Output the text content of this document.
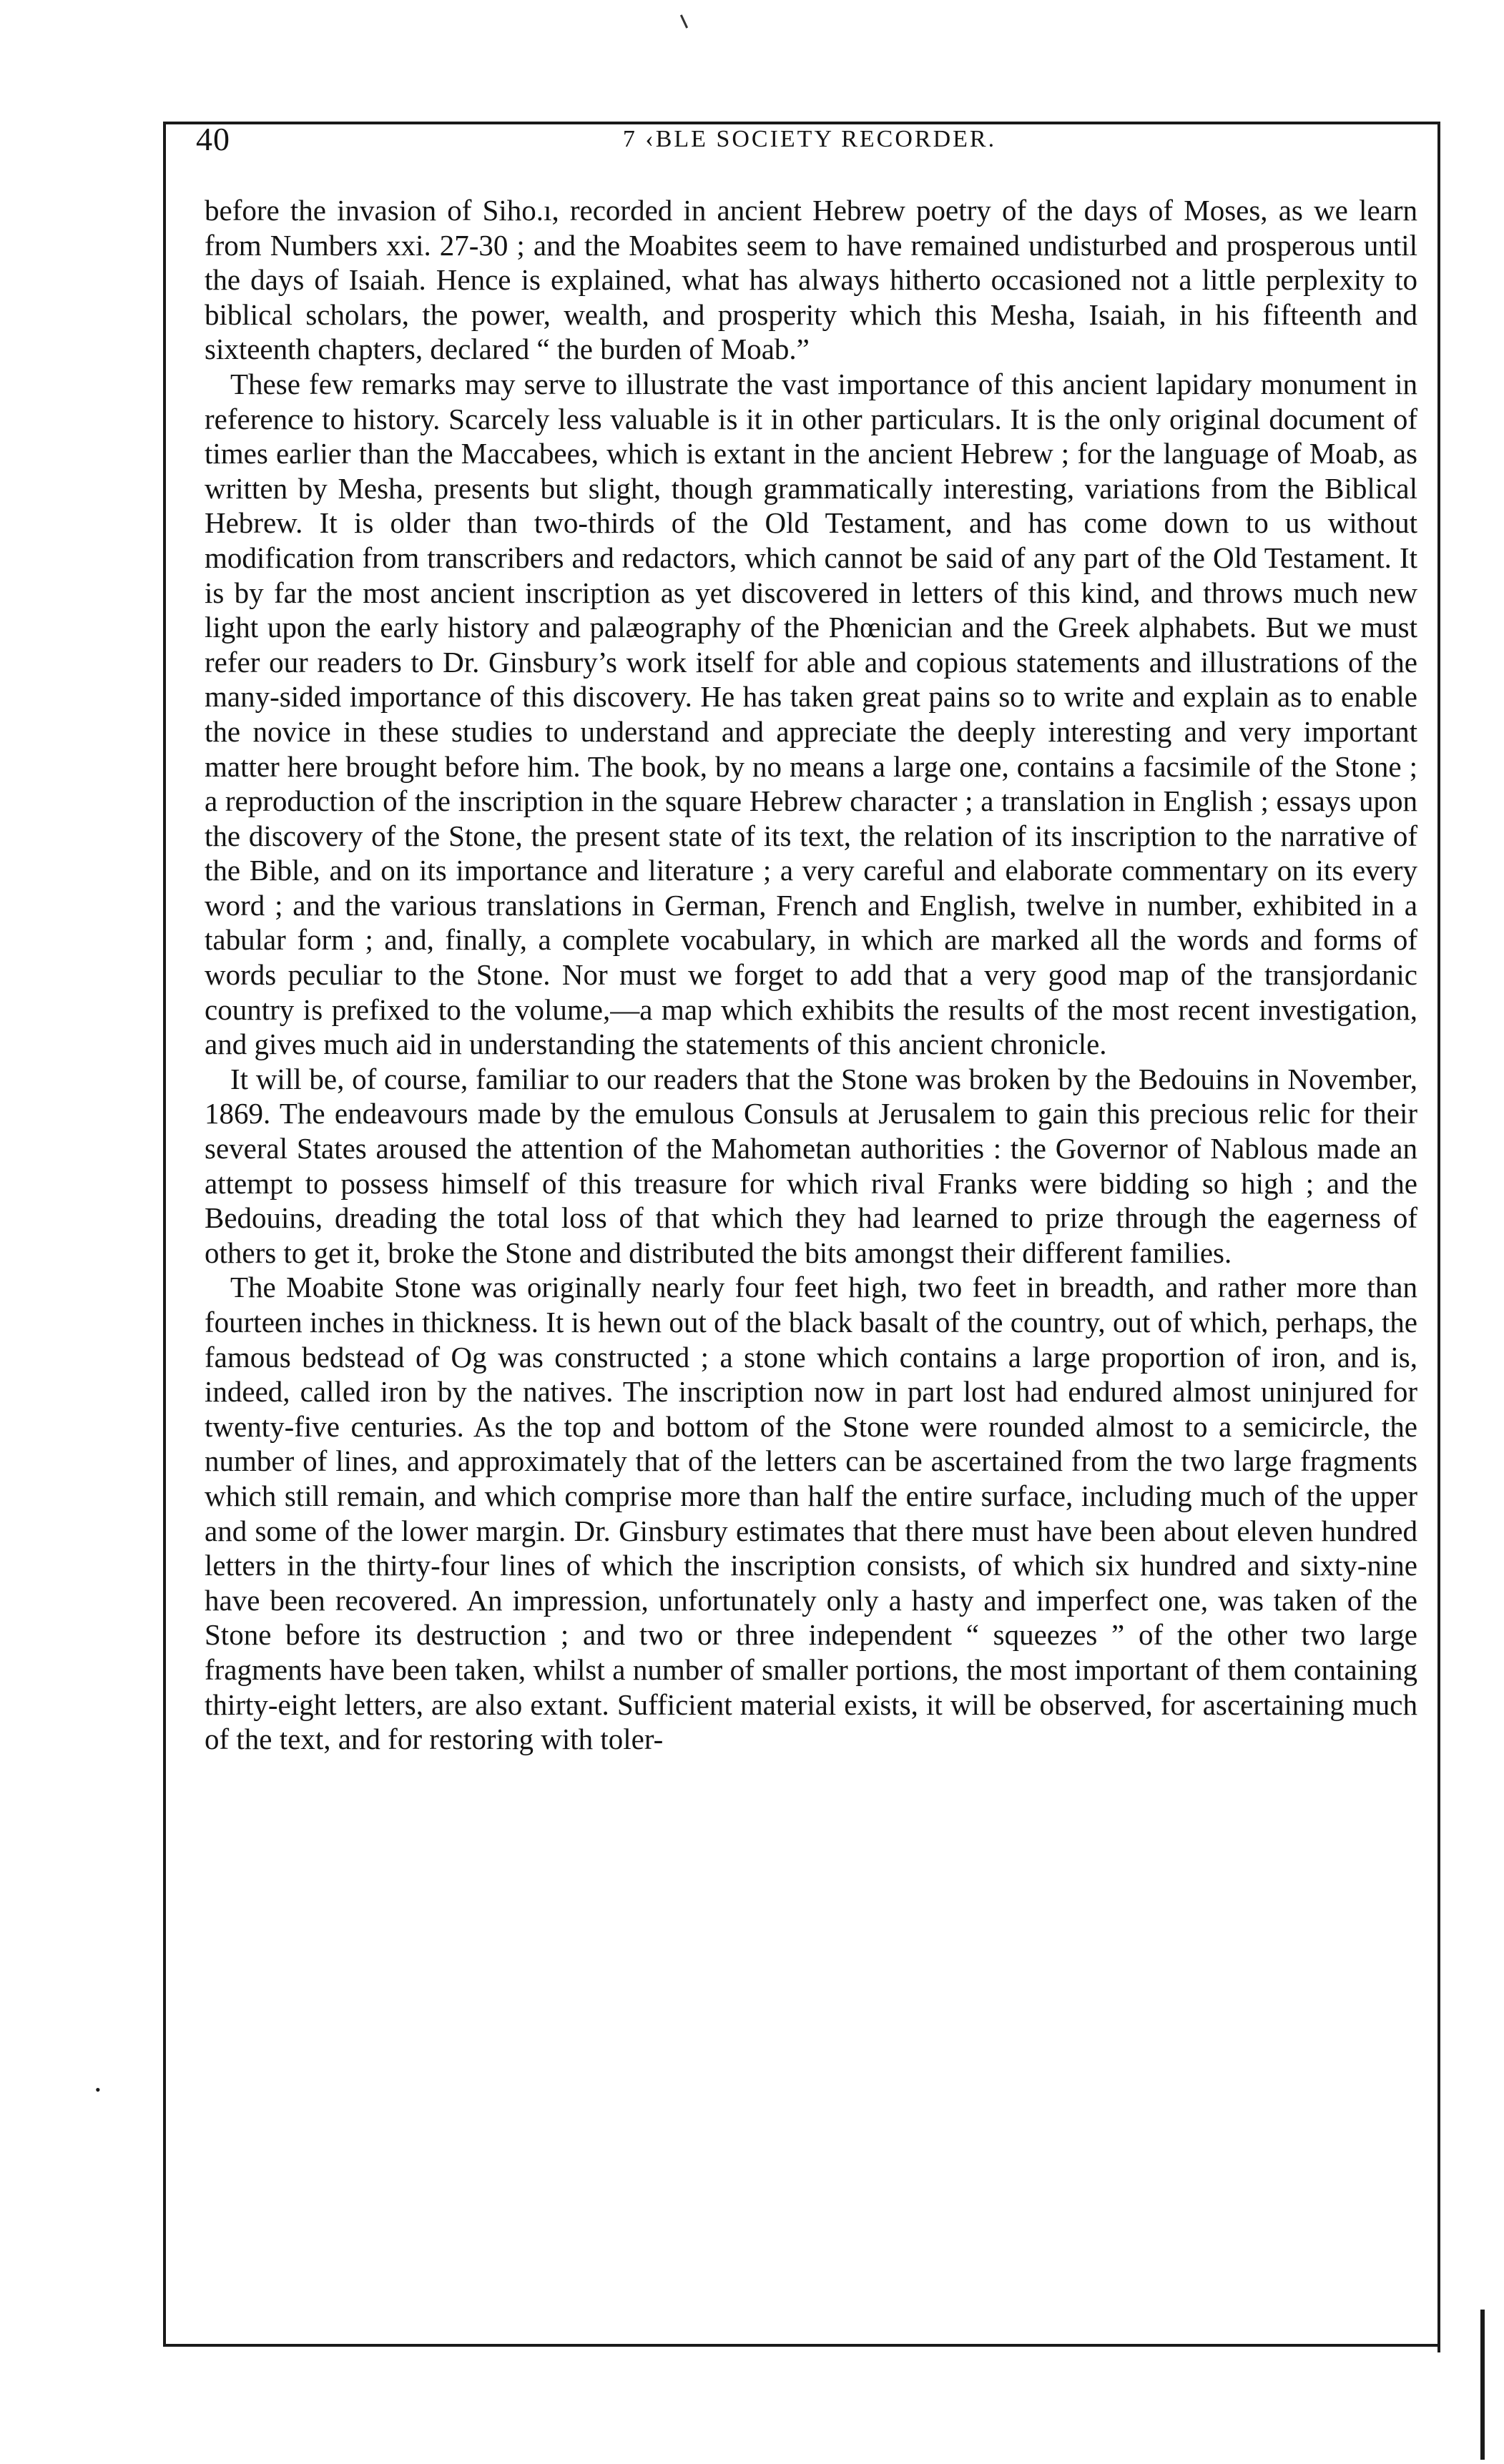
•
40	7 ‹BLE SOCIETY RECORDER.

before the invasion of Siho.ı, recorded in ancient Hebrew poetry of the days of Moses, as we learn from Numbers xxi. 27-30 ; and the Moabites seem to have remained undisturbed and prosperous until the days of Isaiah. Hence is explained, what has always hitherto occasioned not a little perplexity to biblical scholars, the power, wealth, and prosperity which this Mesha, Isaiah, in his fifteenth and sixteenth chapters, declared “ the burden of Moab.”

These few remarks may serve to illustrate the vast importance of this ancient lapidary monument in reference to history. Scarcely less valuable is it in other particulars. It is the only original document of times earlier than the Maccabees, which is extant in the ancient Hebrew ; for the language of Moab, as written by Mesha, presents but slight, though grammatically interesting, variations from the Biblical Hebrew. It is older than two-thirds of the Old Testament, and has come down to us without modification from transcribers and redactors, which cannot be said of any part of the Old Testament. It is by far the most ancient inscription as yet discovered in letters of this kind, and throws much new light upon the early history and palæography of the Phœnician and the Greek alphabets. But we must refer our readers to Dr. Ginsbury’s work itself for able and copious statements and illustrations of the many-sided importance of this discovery. He has taken great pains so to write and explain as to enable the novice in these studies to understand and appreciate the deeply interesting and very important matter here brought before him. The book, by no means a large one, contains a facsimile of the Stone ; a reproduction of the inscription in the square Hebrew character ; a translation in English ; essays upon the discovery of the Stone, the present state of its text, the relation of its inscription to the narrative of the Bible, and on its importance and literature ; a very careful and elaborate commentary on its every word ; and the various translations in German, French and English, twelve in number, exhibited in a tabular form ; and, finally, a complete vocabulary, in which are marked all the words and forms of words peculiar to the Stone. Nor must we forget to add that a very good map of the transjordanic country is prefixed to the volume,—a map which exhibits the results of the most recent investigation, and gives much aid in understanding the statements of this ancient chronicle.

It will be, of course, familiar to our readers that the Stone was broken by the Bedouins in November, 1869. The endeavours made by the emulous Consuls at Jerusalem to gain this precious relic for their several States aroused the attention of the Mahometan authorities : the Governor of Nablous made an attempt to possess himself of this treasure for which rival Franks were bidding so high ; and the Bedouins, dreading the total loss of that which they had learned to prize through the eagerness of others to get it, broke the Stone and distributed the bits amongst their different families.

The Moabite Stone was originally nearly four feet high, two feet in breadth, and rather more than fourteen inches in thickness. It is hewn out of the black basalt of the country, out of which, perhaps, the famous bedstead of Og was constructed ; a stone which contains a large proportion of iron, and is, indeed, called iron by the natives. The inscription now in part lost had endured almost uninjured for twenty-five centuries. As the top and bottom of the Stone were rounded almost to a semicircle, the number of lines, and approximately that of the letters can be ascertained from the two large fragments which still remain, and which comprise more than half the entire surface, including much of the upper and some of the lower margin. Dr. Ginsbury estimates that there must have been about eleven hundred letters in the thirty-four lines of which the inscription consists, of which six hundred and sixty-nine have been recovered. An impression, unfortunately only a hasty and imperfect one, was taken of the Stone before its destruction ; and two or three independent “ squeezes ” of the other two large fragments have been taken, whilst a number of smaller portions, the most important of them containing thirty-eight letters, are also extant. Sufficient material exists, it will be observed, for ascertaining much of the text, and for restoring with toler-
